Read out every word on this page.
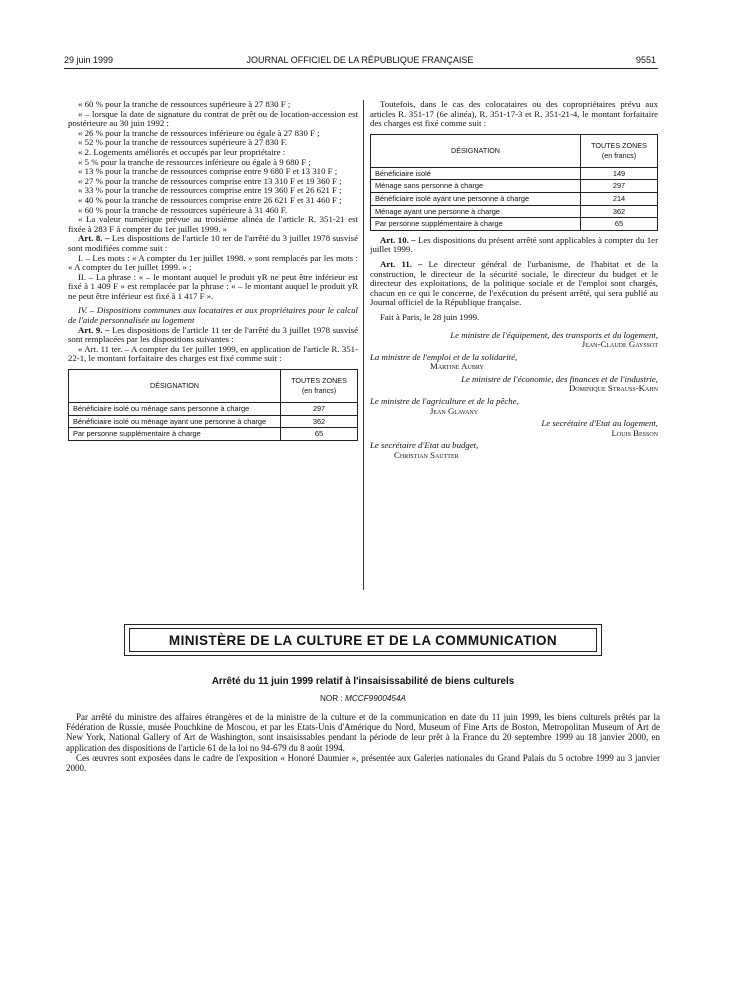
29 juin 1999	JOURNAL OFFICIEL DE LA RÉPUBLIQUE FRANÇAISE	9551

« 60 % pour la tranche de ressources supérieure à 27 830 F ;

« – lorsque la date de signature du contrat de prêt ou de location-accession est postérieure au 30 juin 1992 :

« 26 % pour la tranche de ressources inférieure ou égale à 27 830 F ;

« 52 % pour la tranche de ressources supérieure à 27 830 F.

« 2. Logements améliorés et occupés par leur propriétaire :

« 5 % pour la tranche de ressources inférieure ou égale à 9 680 F ;

« 13 % pour la tranche de ressources comprise entre 9 680 F et 13 310 F ;

« 27 % pour la tranche de ressources comprise entre 13 310 F et 19 360 F ;

« 33 % pour la tranche de ressources comprise entre 19 360 F et 26 621 F ;

« 40 % pour la tranche de ressources comprise entre 26 621 F et 31 460 F ;

« 60 % pour la tranche de ressources supérieure à 31 460 F.

« La valeur numérique prévue au troisième alinéa de l'article R. 351-21 est fixée à 283 F à compter du 1er juillet 1999. »

Art. 8. – Les dispositions de l'article 10 ter de l'arrêté du 3 juillet 1978 susvisé sont modifiées comme suit :

I. – Les mots : « A compter du 1er juillet 1998. » sont remplacés par les mots : « A compter du 1er juillet 1999. » ;

II. – La phrase : « – le montant auquel le produit yR ne peut être inférieur est fixé à 1 409 F » est remplacée par la phrase : « – le montant auquel le produit yR ne peut être inférieur est fixé à 1 417 F ».

IV. – Dispositions communes aux locataires et aux propriétaires pour le calcul de l'aide personnalisée au logement

Art. 9. – Les dispositions de l'article 11 ter de l'arrêté du 3 juillet 1978 susvisé sont remplacées par les dispositions suivantes :

« Art. 11 ter. – A compter du 1er juillet 1999, en application de l'article R. 351-22-1, le montant forfaitaire des charges est fixé comme suit :

DÉSIGNATION	TOUTES ZONES
(en francs)
Bénéficiaire isolé ou ménage sans personne à charge	297
Bénéficiaire isolé ou ménage ayant une personne à charge	362
Par personne supplémentaire à charge	65

Toutefois, dans le cas des colocataires ou des copropriétaires prévu aux articles R. 351-17 (6e alinéa), R. 351-17-3 et R. 351-21-4, le montant forfaitaire des charges est fixé comme suit :

DÉSIGNATION	TOUTES ZONES
(en francs)
Bénéficiaire isolé	149
Ménage sans personne à charge	297
Bénéficiaire isolé ayant une personne à charge	214
Ménage ayant une personne à charge	362
Par personne supplémentaire à charge	65

Art. 10. – Les dispositions du présent arrêté sont applicables à compter du 1er juillet 1999.

Art. 11. – Le directeur général de l'urbanisme, de l'habitat et de la construction, le directeur de la sécurité sociale, le directeur du budget et le directeur des exploitations, de la politique sociale et de l'emploi sont chargés, chacun en ce qui le concerne, de l'exécution du présent arrêté, qui sera publié au Journal officiel de la République française.

Fait à Paris, le 28 juin 1999.

Le ministre de l'équipement, des transports et du logement,
Jean-Claude Gayssot
La ministre de l'emploi et de la solidarité,
Martine Aubry
Le ministre de l'économie, des finances et de l'industrie,
Dominique Strauss-Kahn
Le ministre de l'agriculture et de la pêche,
Jean Glavany
Le secrétaire d'Etat au logement,
Louis Besson
Le secrétaire d'Etat au budget,
Christian Sautter
MINISTÈRE DE LA CULTURE ET DE LA COMMUNICATION
Arrêté du 11 juin 1999 relatif à l'insaisissabilité de biens culturels
NOR : MCCF9900454A

Par arrêté du ministre des affaires étrangères et de la ministre de la culture et de la communication en date du 11 juin 1999, les biens culturels prêtés par la Fédération de Russie, musée Pouchkine de Moscou, et par les Etats-Unis d'Amérique du Nord, Museum of Fine Arts de Boston, Metropolitan Museum of Art de New York, National Gallery of Art de Washington, sont insaisissables pendant la période de leur prêt à la France du 20 septembre 1999 au 18 janvier 2000, en application des dispositions de l'article 61 de la loi no 94-679 du 8 août 1994.

Ces œuvres sont exposées dans le cadre de l'exposition « Honoré Daumier », présentée aux Galeries nationales du Grand Palais du 5 octobre 1999 au 3 janvier 2000.
